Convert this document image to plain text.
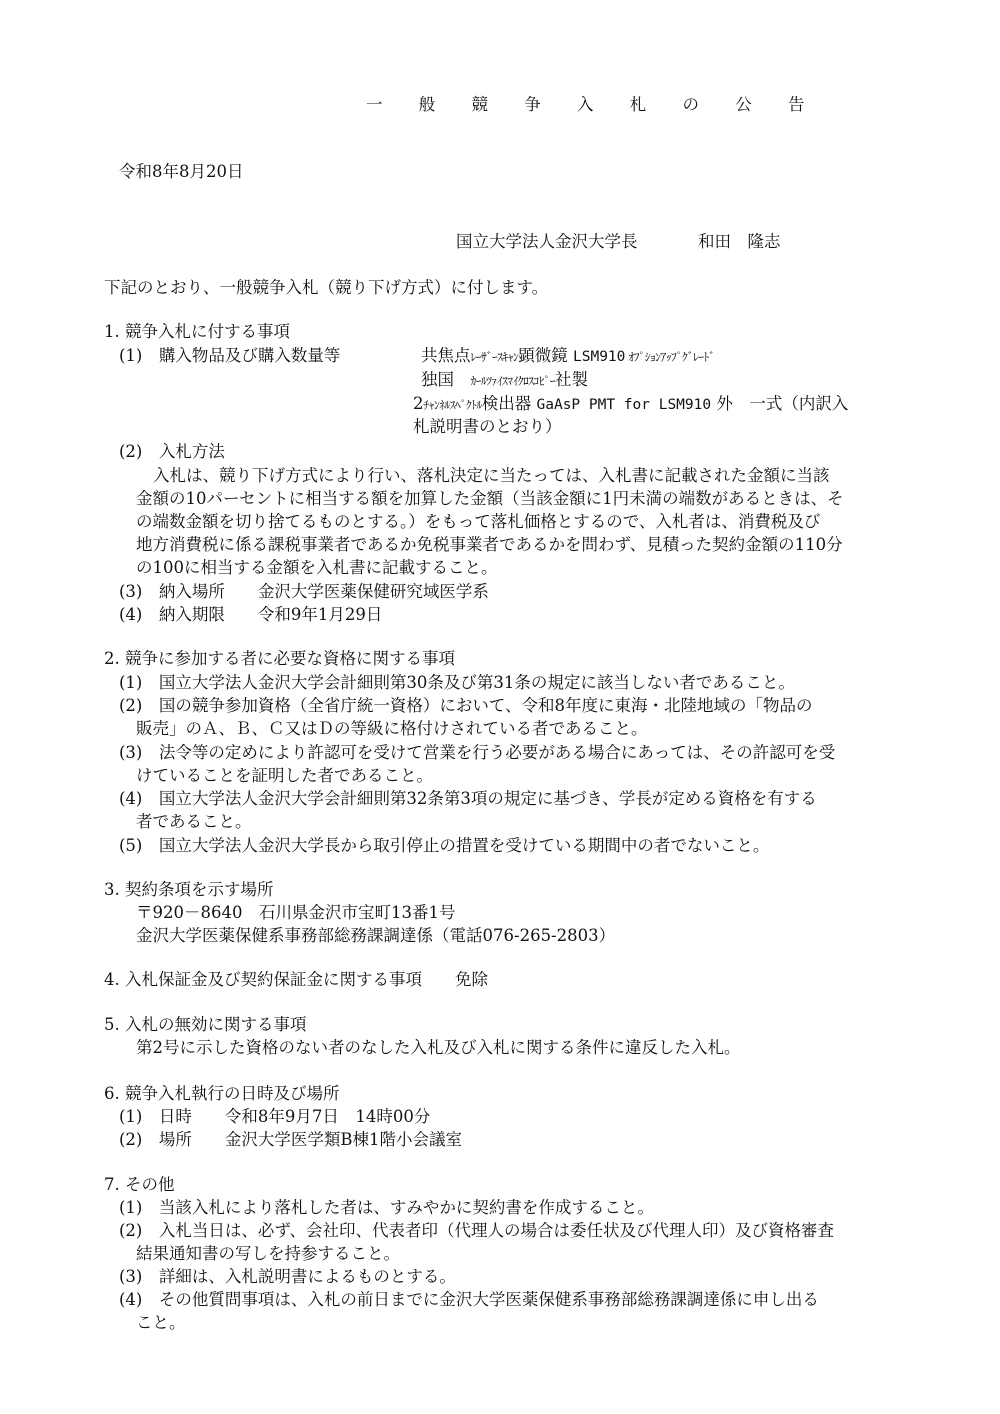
一 般 競 争 入 札 の 公 告
令和8年8月20日
国立大学法人金沢大学長	和田　隆志
下記のとおり、一般競争入札（競り下げ方式）に付します。
1. 競争入札に付する事項
(1)　購入物品及び購入数量等	共焦点ﾚｰｻﾞｰｽｷｬﾝ顕微鏡 LSM910 ｵﾌﾟｼｮﾝｱｯﾌﾟｸﾞﾚｰﾄﾞ
独国　ｶｰﾙﾂｧｲｽﾏｲｸﾛｽｺﾋﾟｰ社製
2ﾁｬﾝﾈﾙｽﾍﾟｸﾄﾙ検出器 GaAsP PMT for LSM910 外　一式（内訳入
札説明書のとおり）
(2)　入札方法
入札は、競り下げ方式により行い、落札決定に当たっては、入札書に記載された金額に当該
金額の10パーセントに相当する額を加算した金額（当該金額に1円未満の端数があるときは、そ
の端数金額を切り捨てるものとする。）をもって落札価格とするので、入札者は、消費税及び
地方消費税に係る課税事業者であるか免税事業者であるかを問わず、見積った契約金額の110分
の100に相当する金額を入札書に記載すること。
(3)　納入場所　　金沢大学医薬保健研究域医学系
(4)　納入期限　　令和9年1月29日
2. 競争に参加する者に必要な資格に関する事項
(1)　国立大学法人金沢大学会計細則第30条及び第31条の規定に該当しない者であること。
(2)　国の競争参加資格（全省庁統一資格）において、令和8年度に東海・北陸地域の「物品の
販売」のＡ、Ｂ、Ｃ又はＤの等級に格付けされている者であること。
(3)　法令等の定めにより許認可を受けて営業を行う必要がある場合にあっては、その許認可を受
けていることを証明した者であること。
(4)　国立大学法人金沢大学会計細則第32条第3項の規定に基づき、学長が定める資格を有する
者であること。
(5)　国立大学法人金沢大学長から取引停止の措置を受けている期間中の者でないこと。
3. 契約条項を示す場所
〒920－8640　石川県金沢市宝町13番1号
金沢大学医薬保健系事務部総務課調達係（電話076-265-2803）
4. 入札保証金及び契約保証金に関する事項　　免除
5. 入札の無効に関する事項
第2号に示した資格のない者のなした入札及び入札に関する条件に違反した入札。
6. 競争入札執行の日時及び場所
(1)　日時　　令和8年9月7日　14時00分
(2)　場所　　金沢大学医学類B棟1階小会議室
7. その他
(1)　当該入札により落札した者は、すみやかに契約書を作成すること。
(2)　入札当日は、必ず、会社印、代表者印（代理人の場合は委任状及び代理人印）及び資格審査
結果通知書の写しを持参すること。
(3)　詳細は、入札説明書によるものとする。
(4)　その他質問事項は、入札の前日までに金沢大学医薬保健系事務部総務課調達係に申し出る
こと。
